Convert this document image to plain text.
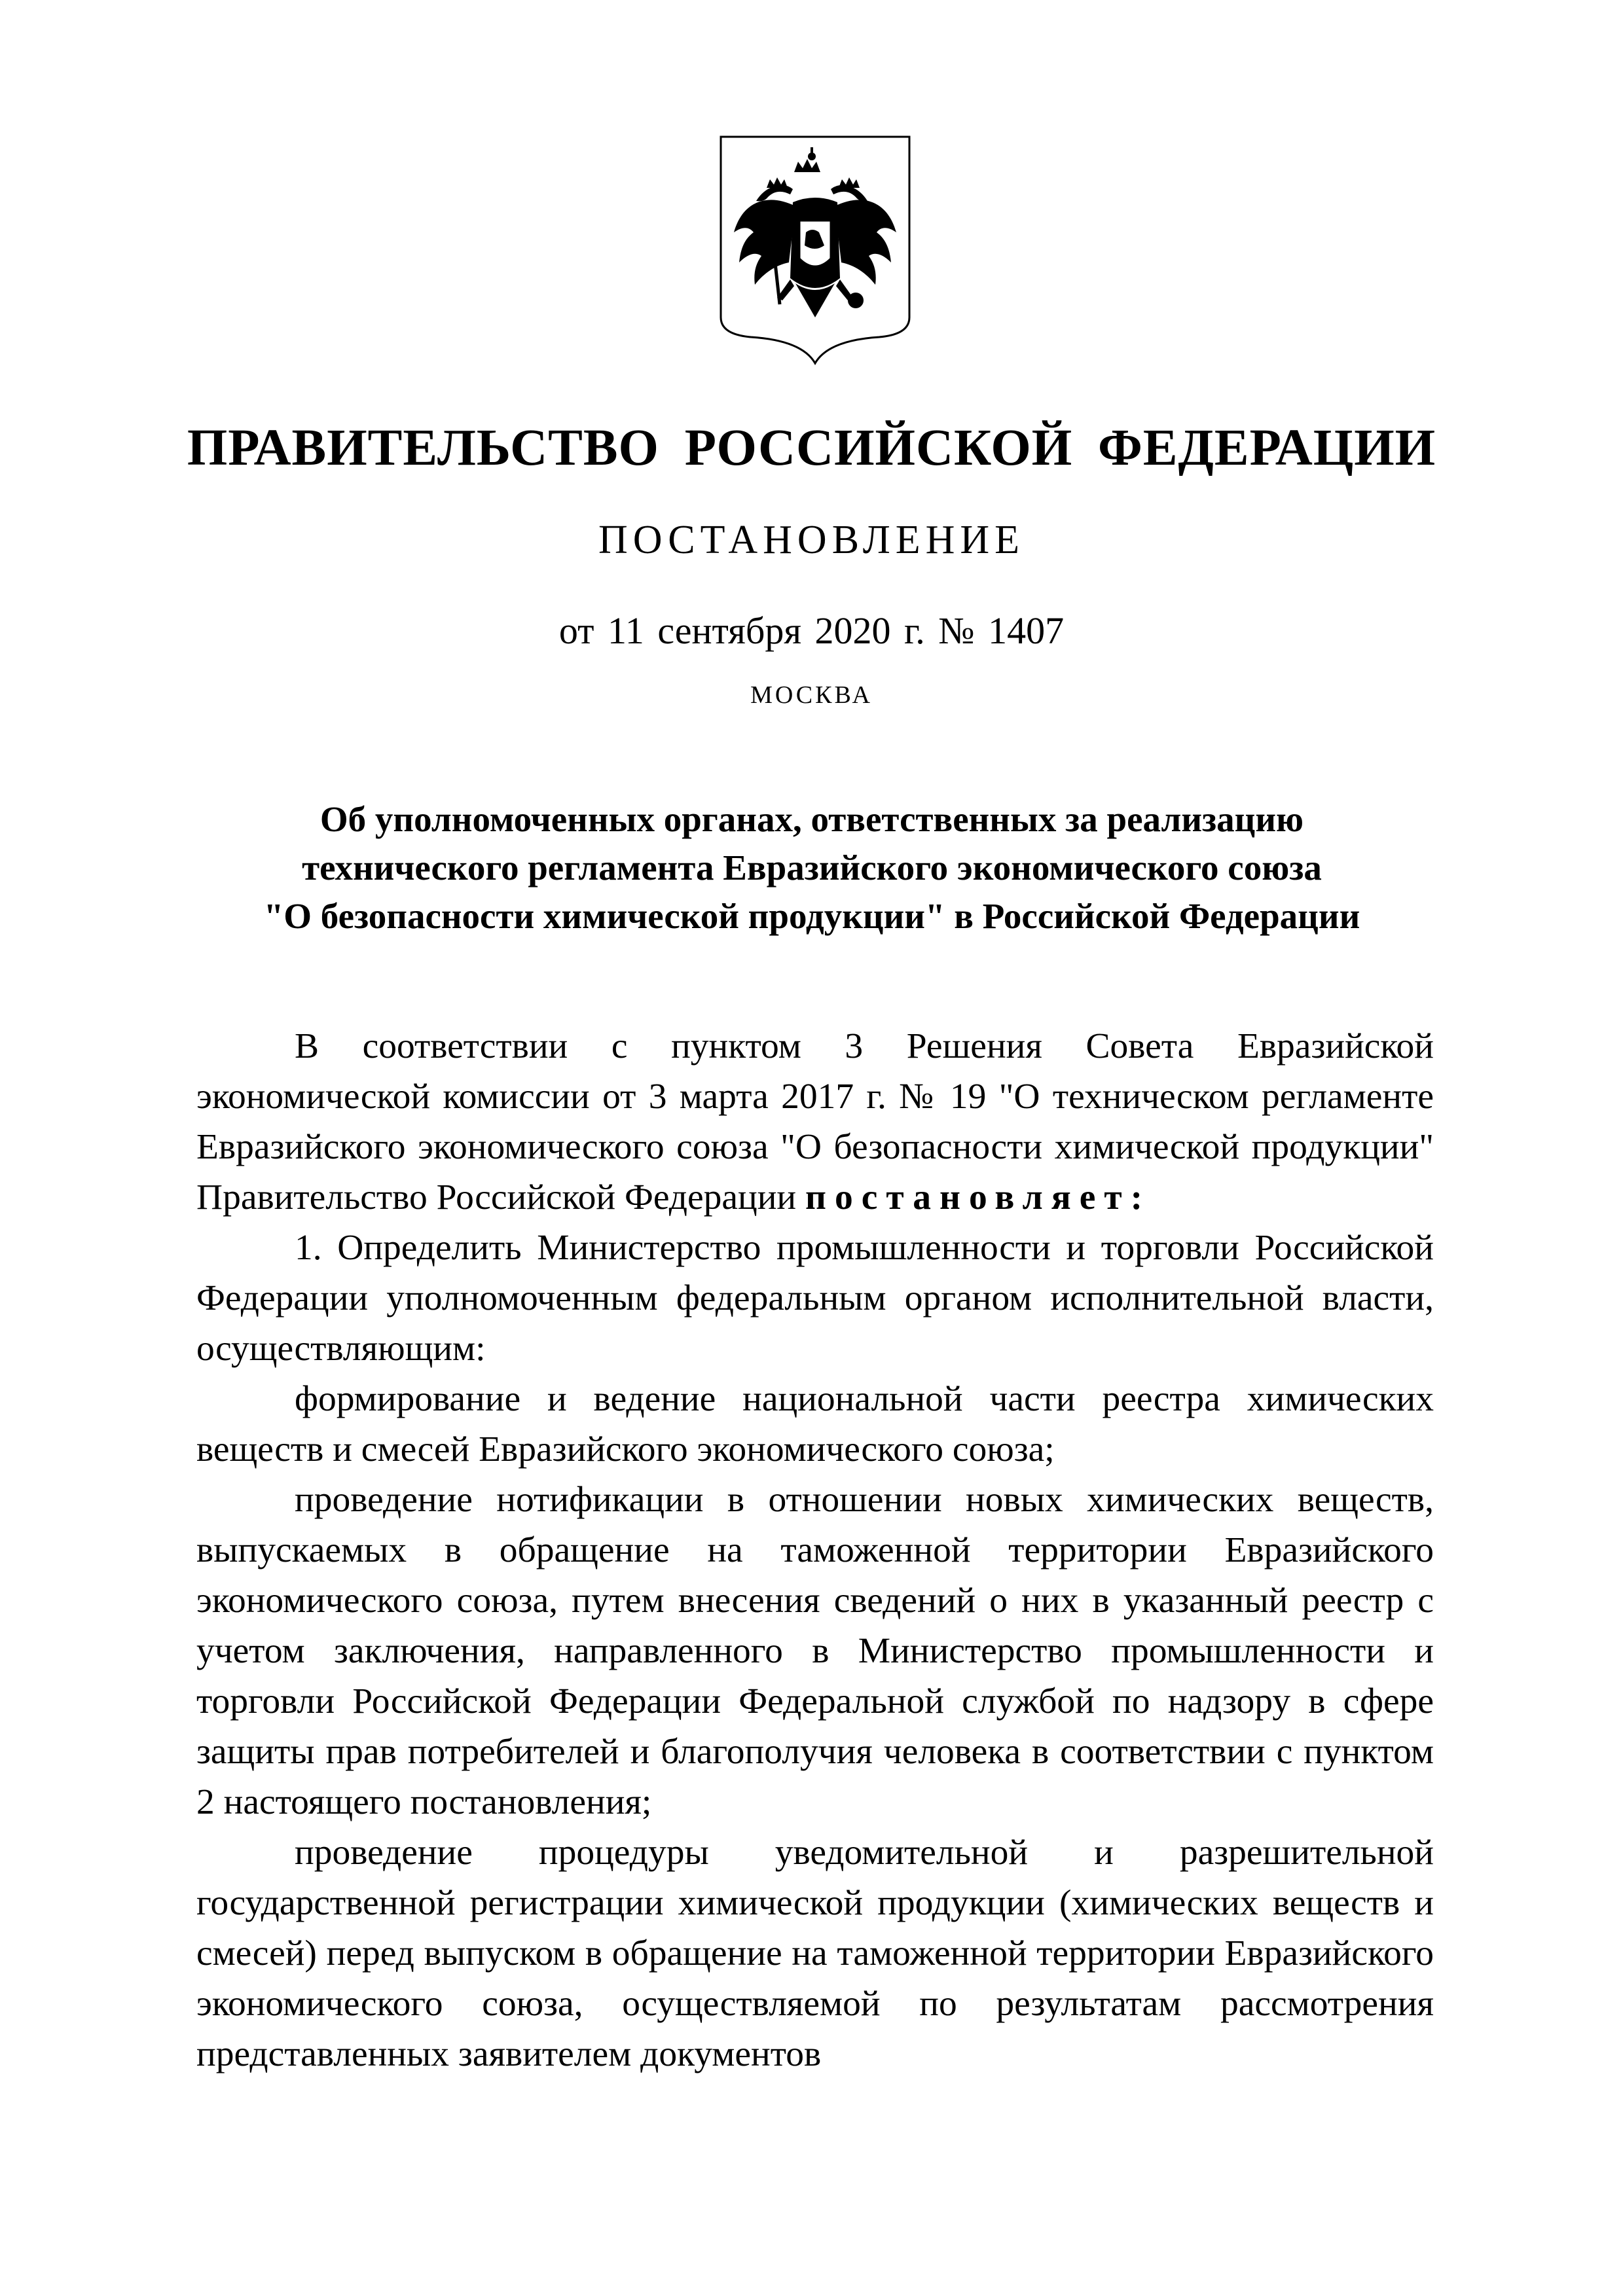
ПРАВИТЕЛЬСТВО РОССИЙСКОЙ ФЕДЕРАЦИИ
ПОСТАНОВЛЕНИЕ
от 11 сентября 2020 г. № 1407
МОСКВА
Об уполномоченных органах, ответственных за реализацию
технического регламента Евразийского экономического союза
"О безопасности химической продукции" в Российской Федерации

В соответствии с пунктом 3 Решения Совета Евразийской экономической комиссии от 3 марта 2017 г. № 19 "О техническом регламенте Евразийского экономического союза "О безопасности химической продукции" Правительство Российской Федерации постановляет:

1. Определить Министерство промышленности и торговли Российской Федерации уполномоченным федеральным органом исполнительной власти, осуществляющим:

формирование и ведение национальной части реестра химических веществ и смесей Евразийского экономического союза;

проведение нотификации в отношении новых химических веществ, выпускаемых в обращение на таможенной территории Евразийского экономического союза, путем внесения сведений о них в указанный реестр с учетом заключения, направленного в Министерство промышленности и торговли Российской Федерации Федеральной службой по надзору в сфере защиты прав потребителей и благополучия человека в соответствии с пунктом 2 настоящего постановления;

проведение процедуры уведомительной и разрешительной государственной регистрации химической продукции (химических веществ и смесей) перед выпуском в обращение на таможенной территории Евразийского экономического союза, осуществляемой по результатам рассмотрения представленных заявителем документов
